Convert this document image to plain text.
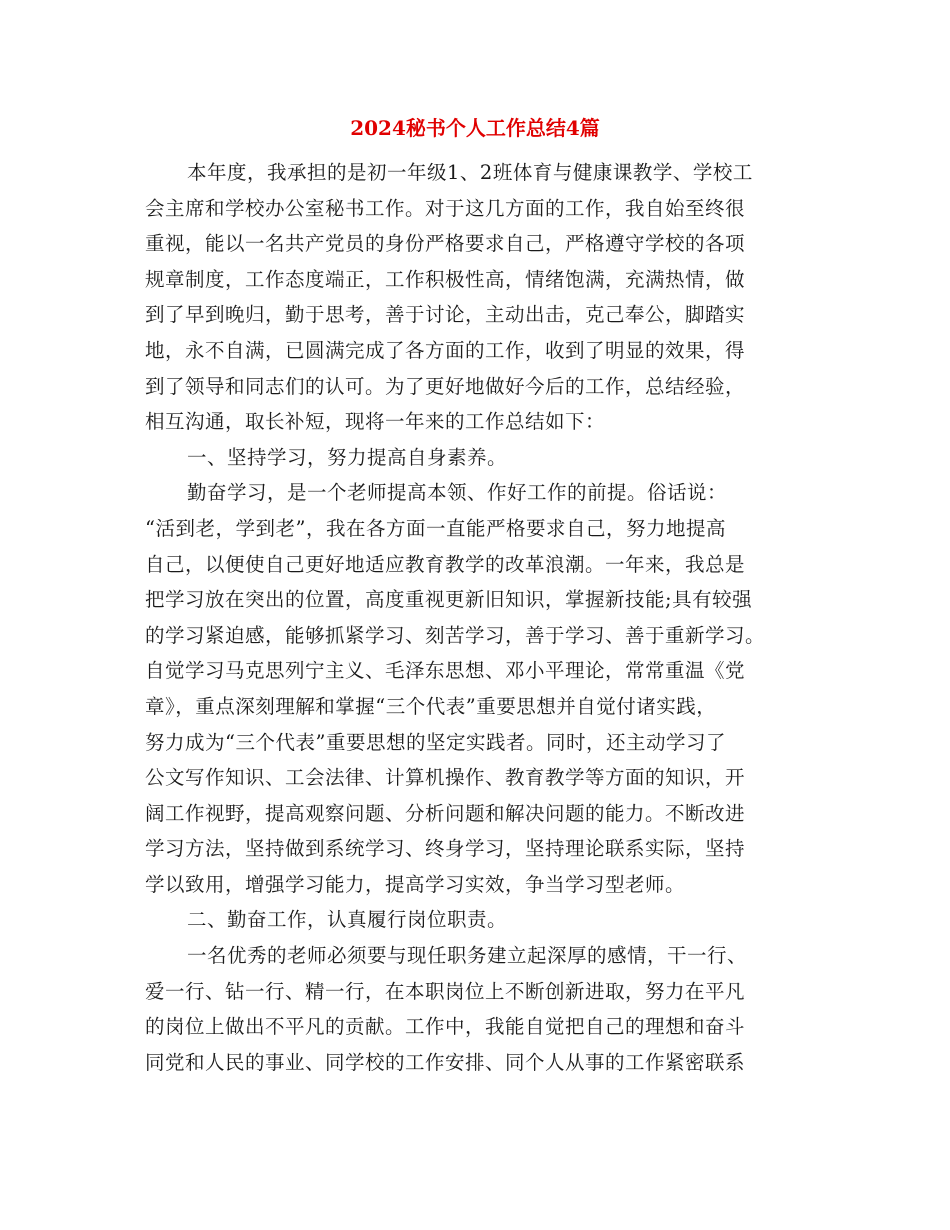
2024秘书个人工作总结4篇
本年度，我承担的是初一年级1、2班体育与健康课教学、学校工
会主席和学校办公室秘书工作。对于这几方面的工作，我自始至终很
重视，能以一名共产党员的身份严格要求自己，严格遵守学校的各项
规章制度，工作态度端正，工作积极性高，情绪饱满，充满热情，做
到了早到晚归，勤于思考，善于讨论，主动出击，克己奉公，脚踏实
地，永不自满，已圆满完成了各方面的工作，收到了明显的效果，得
到了领导和同志们的认可。为了更好地做好今后的工作，总结经验，
相互沟通，取长补短，现将一年来的工作总结如下：
一、坚持学习，努力提高自身素养。
勤奋学习，是一个老师提高本领、作好工作的前提。俗话说：
“活到老，学到老”，我在各方面一直能严格要求自己，努力地提高
自己，以便使自己更好地适应教育教学的改革浪潮。一年来，我总是
把学习放在突出的位置，高度重视更新旧知识，掌握新技能;具有较强
的学习紧迫感，能够抓紧学习、刻苦学习，善于学习、善于重新学习。
自觉学习马克思列宁主义、毛泽东思想、邓小平理论，常常重温《党
章》，重点深刻理解和掌握“三个代表”重要思想并自觉付诸实践，
努力成为“三个代表”重要思想的坚定实践者。同时，还主动学习了
公文写作知识、工会法律、计算机操作、教育教学等方面的知识，开
阔工作视野，提高观察问题、分析问题和解决问题的能力。不断改进
学习方法，坚持做到系统学习、终身学习，坚持理论联系实际，坚持
学以致用，增强学习能力，提高学习实效，争当学习型老师。
二、勤奋工作，认真履行岗位职责。
一名优秀的老师必须要与现任职务建立起深厚的感情，干一行、
爱一行、钻一行、精一行，在本职岗位上不断创新进取，努力在平凡
的岗位上做出不平凡的贡献。工作中，我能自觉把自己的理想和奋斗
同党和人民的事业、同学校的工作安排、同个人从事的工作紧密联系
